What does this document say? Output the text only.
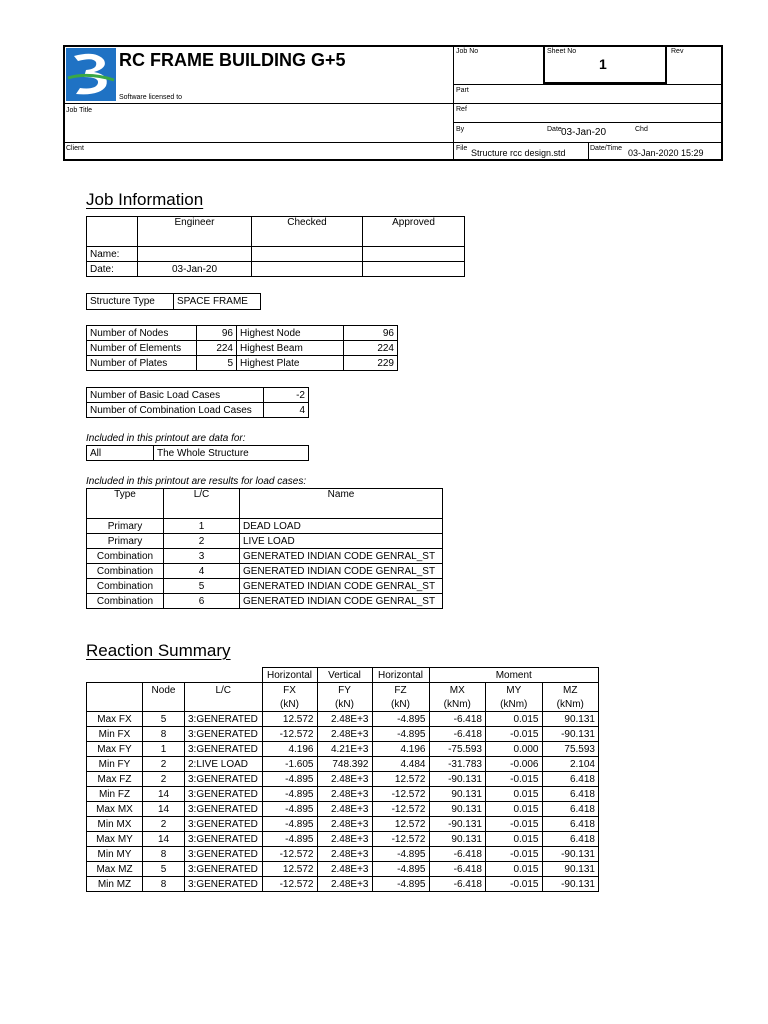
RC FRAME BUILDING G+5
Software licensed to
Job Title
Client
Job No	Sheet No
1
Rev
Part
Ref
By	Date 03-Jan-20	Chd
File Structure rcc design.std	Date/Time 03-Jan-2020 15:29
Job Information
	Engineer	Checked	Approved
Name:			
Date:	03-Jan-20		
Structure Type	SPACE FRAME
Number of Nodes	96	Highest Node	96
Number of Elements	224	Highest Beam	224
Number of Plates	5	Highest Plate	229
Number of Basic Load Cases	-2
Number of Combination Load Cases	4
Included in this printout are data for:
All	The Whole Structure
Included in this printout are results for load cases:
Type	L/C	Name
Primary	1	DEAD LOAD
Primary	2	LIVE LOAD
Combination	3	GENERATED INDIAN CODE GENRAL_ST
Combination	4	GENERATED INDIAN CODE GENRAL_ST
Combination	5	GENERATED INDIAN CODE GENRAL_ST
Combination	6	GENERATED INDIAN CODE GENRAL_ST
Reaction Summary
			Horizontal	Vertical	Horizontal	Moment		
	Node	L/C	FX	FY	FZ	MX	MY	MZ
			(kN)	(kN)	(kN)	(kNm)	(kNm)	(kNm)
Max FX	5	3:GENERATED	12.572	2.48E+3	-4.895	-6.418	0.015	90.131
Min FX	8	3:GENERATED	-12.572	2.48E+3	-4.895	-6.418	-0.015	-90.131
Max FY	1	3:GENERATED	4.196	4.21E+3	4.196	-75.593	0.000	75.593
Min FY	2	2:LIVE LOAD	-1.605	748.392	4.484	-31.783	-0.006	2.104
Max FZ	2	3:GENERATED	-4.895	2.48E+3	12.572	-90.131	-0.015	6.418
Min FZ	14	3:GENERATED	-4.895	2.48E+3	-12.572	90.131	0.015	6.418
Max MX	14	3:GENERATED	-4.895	2.48E+3	-12.572	90.131	0.015	6.418
Min MX	2	3:GENERATED	-4.895	2.48E+3	12.572	-90.131	-0.015	6.418
Max MY	14	3:GENERATED	-4.895	2.48E+3	-12.572	90.131	0.015	6.418
Min MY	8	3:GENERATED	-12.572	2.48E+3	-4.895	-6.418	-0.015	-90.131
Max MZ	5	3:GENERATED	12.572	2.48E+3	-4.895	-6.418	0.015	90.131
Min MZ	8	3:GENERATED	-12.572	2.48E+3	-4.895	-6.418	-0.015	-90.131
